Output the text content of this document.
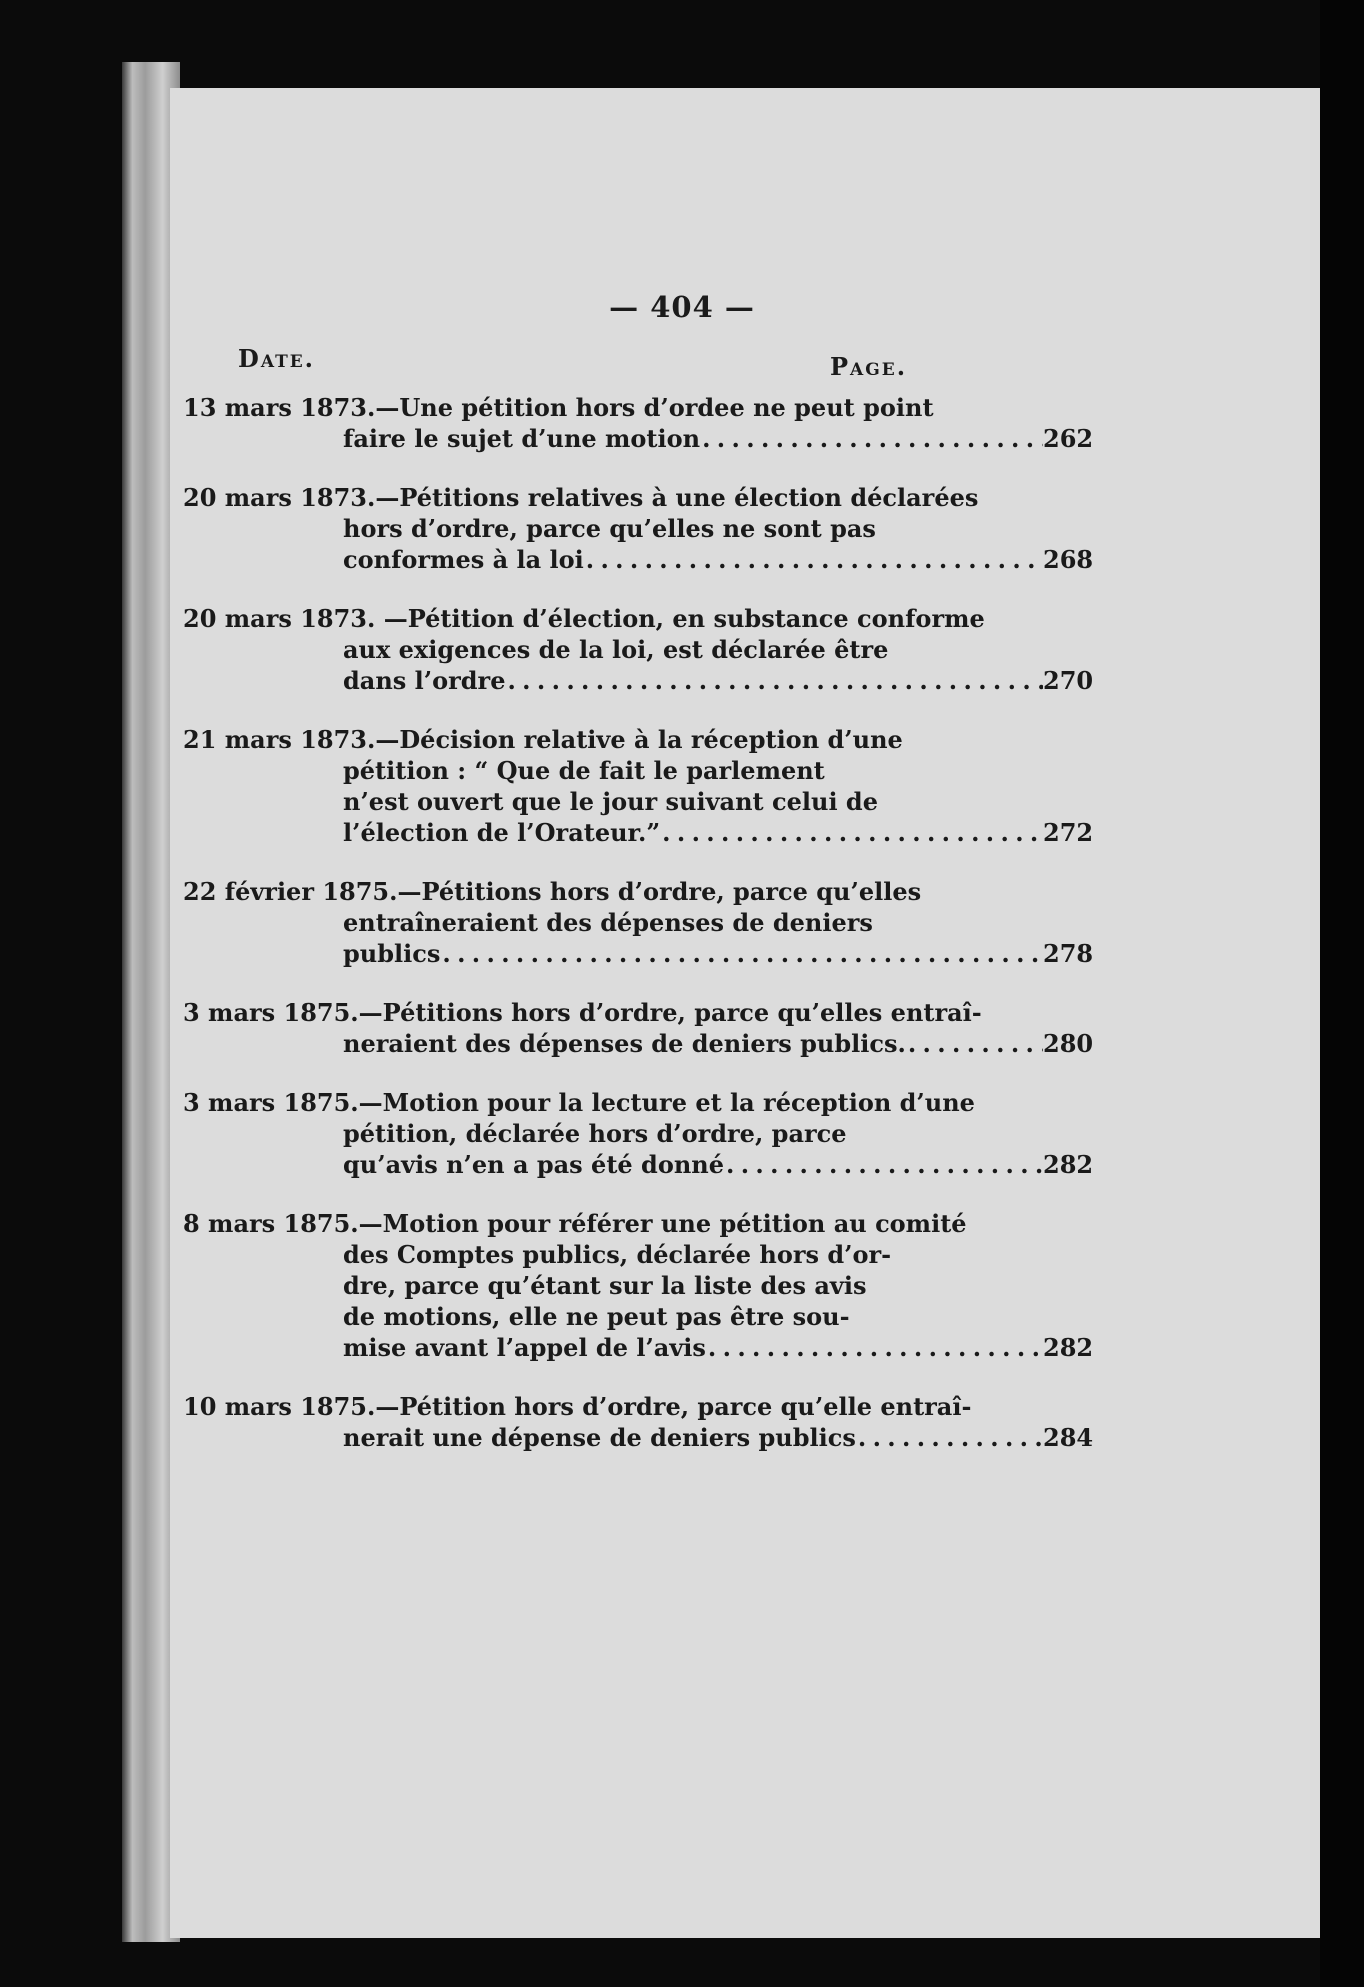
— 404 —
Date.	Page.
13 mars 1873.—Une pétition hors d’ordee ne peut point
faire le sujet d’une motion . . .	262
20 mars 1873.—Pétitions relatives à une élection déclarées
hors d’ordre, parce qu’elles ne sont pas
conformes à la loi . . .	268
20 mars 1873. —Pétition d’élection, en substance conforme
aux exigences de la loi, est déclarée être
dans l’ordre . . .	270
21 mars 1873.—Décision relative à la réception d’une
pétition : “ Que de fait le parlement
n’est ouvert que le jour suivant celui de
l’élection de l’Orateur.” . . .	272
22 février 1875.—Pétitions hors d’ordre, parce qu’elles
entraîneraient des dépenses de deniers
publics . . .	278
3 mars 1875.—Pétitions hors d’ordre, parce qu’elles entraî-
neraient des dépenses de deniers publics. . . .	280
3 mars 1875.—Motion pour la lecture et la réception d’une
pétition, déclarée hors d’ordre, parce
qu’avis n’en a pas été donné . . .	282
8 mars 1875.—Motion pour référer une pétition au comité
des Comptes publics, déclarée hors d’or-
dre, parce qu’étant sur la liste des avis
de motions, elle ne peut pas être sou-
mise avant l’appel de l’avis . . .	282
10 mars 1875.—Pétition hors d’ordre, parce qu’elle entraî-
nerait une dépense de deniers publics . . .	284
